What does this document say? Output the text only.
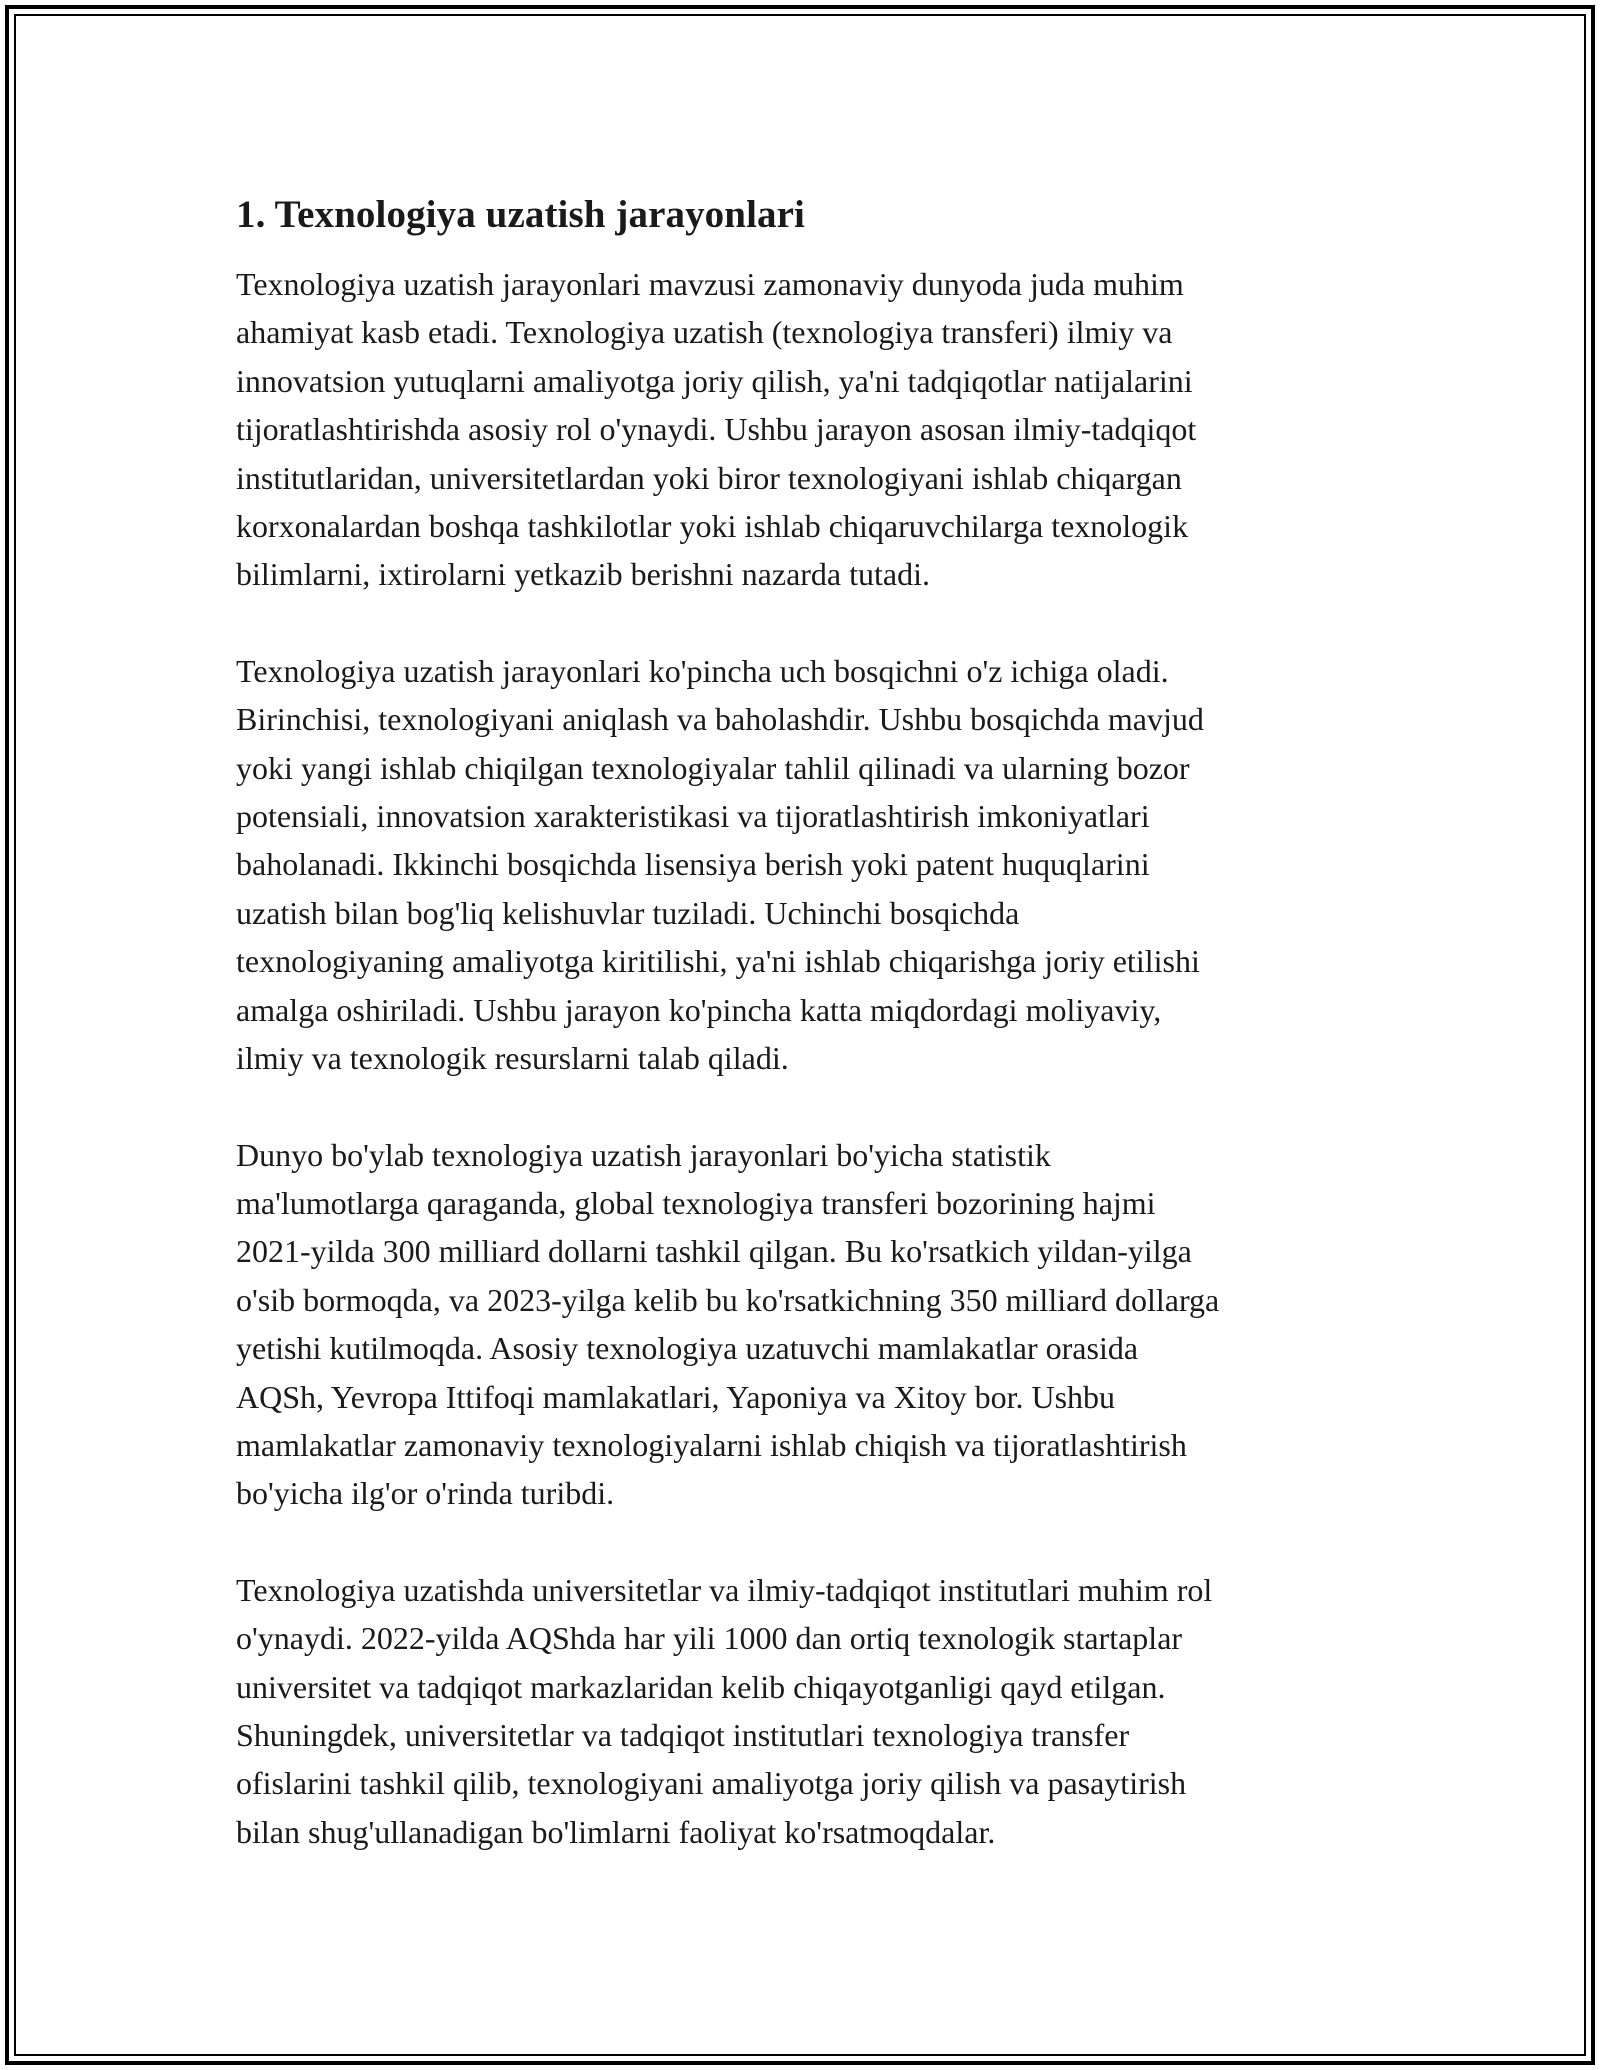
1. Texnologiya uzatish jarayonlari

Texnologiya uzatish jarayonlari mavzusi zamonaviy dunyoda juda muhim
ahamiyat kasb etadi. Texnologiya uzatish (texnologiya transferi) ilmiy va
innovatsion yutuqlarni amaliyotga joriy qilish, ya'ni tadqiqotlar natijalarini
tijoratlashtirishda asosiy rol o'ynaydi. Ushbu jarayon asosan ilmiy-tadqiqot
institutlaridan, universitetlardan yoki biror texnologiyani ishlab chiqargan
korxonalardan boshqa tashkilotlar yoki ishlab chiqaruvchilarga texnologik
bilimlarni, ixtirolarni yetkazib berishni nazarda tutadi.

Texnologiya uzatish jarayonlari ko'pincha uch bosqichni o'z ichiga oladi.
Birinchisi, texnologiyani aniqlash va baholashdir. Ushbu bosqichda mavjud
yoki yangi ishlab chiqilgan texnologiyalar tahlil qilinadi va ularning bozor
potensiali, innovatsion xarakteristikasi va tijoratlashtirish imkoniyatlari
baholanadi. Ikkinchi bosqichda lisensiya berish yoki patent huquqlarini
uzatish bilan bog'liq kelishuvlar tuziladi. Uchinchi bosqichda
texnologiyaning amaliyotga kiritilishi, ya'ni ishlab chiqarishga joriy etilishi
amalga oshiriladi. Ushbu jarayon ko'pincha katta miqdordagi moliyaviy,
ilmiy va texnologik resurslarni talab qiladi.

Dunyo bo'ylab texnologiya uzatish jarayonlari bo'yicha statistik
ma'lumotlarga qaraganda, global texnologiya transferi bozorining hajmi
2021-yilda 300 milliard dollarni tashkil qilgan. Bu ko'rsatkich yildan-yilga
o'sib bormoqda, va 2023-yilga kelib bu ko'rsatkichning 350 milliard dollarga
yetishi kutilmoqda. Asosiy texnologiya uzatuvchi mamlakatlar orasida
AQSh, Yevropa Ittifoqi mamlakatlari, Yaponiya va Xitoy bor. Ushbu
mamlakatlar zamonaviy texnologiyalarni ishlab chiqish va tijoratlashtirish
bo'yicha ilg'or o'rinda turibdi.

Texnologiya uzatishda universitetlar va ilmiy-tadqiqot institutlari muhim rol
o'ynaydi. 2022-yilda AQShda har yili 1000 dan ortiq texnologik startaplar
universitet va tadqiqot markazlaridan kelib chiqayotganligi qayd etilgan.
Shuningdek, universitetlar va tadqiqot institutlari texnologiya transfer
ofislarini tashkil qilib, texnologiyani amaliyotga joriy qilish va pasaytirish
bilan shug'ullanadigan bo'limlarni faoliyat ko'rsatmoqdalar.
